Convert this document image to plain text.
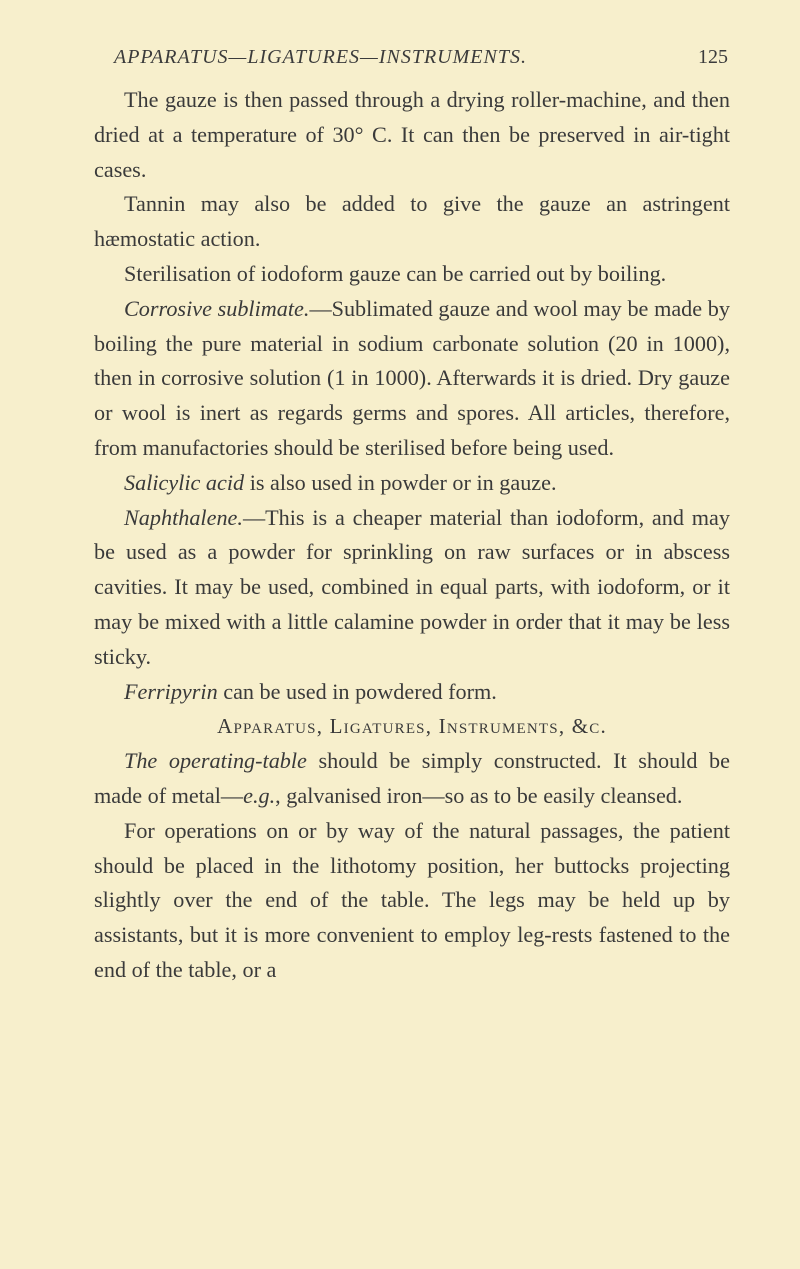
APPARATUS—LIGATURES—INSTRUMENTS.	125

The gauze is then passed through a drying roller-machine, and then dried at a temperature of 30° C. It can then be preserved in air-tight cases.

Tannin may also be added to give the gauze an astringent hæmostatic action.

Sterilisation of iodoform gauze can be carried out by boiling.

Corrosive sublimate.—Sublimated gauze and wool may be made by boiling the pure material in sodium carbonate solution (20 in 1000), then in corrosive solution (1 in 1000). Afterwards it is dried. Dry gauze or wool is inert as regards germs and spores. All articles, therefore, from manufactories should be sterilised before being used.

Salicylic acid is also used in powder or in gauze.

Naphthalene.—This is a cheaper material than iodoform, and may be used as a powder for sprinkling on raw surfaces or in abscess cavities. It may be used, combined in equal parts, with iodoform, or it may be mixed with a little calamine powder in order that it may be less sticky.

Ferripyrin can be used in powdered form.

Apparatus, Ligatures, Instruments, &c.

The operating-table should be simply constructed. It should be made of metal—e.g., galvanised iron—so as to be easily cleansed.

For operations on or by way of the natural passages, the patient should be placed in the lithotomy position, her buttocks projecting slightly over the end of the table. The legs may be held up by assistants, but it is more convenient to employ leg-rests fastened to the end of the table, or a
